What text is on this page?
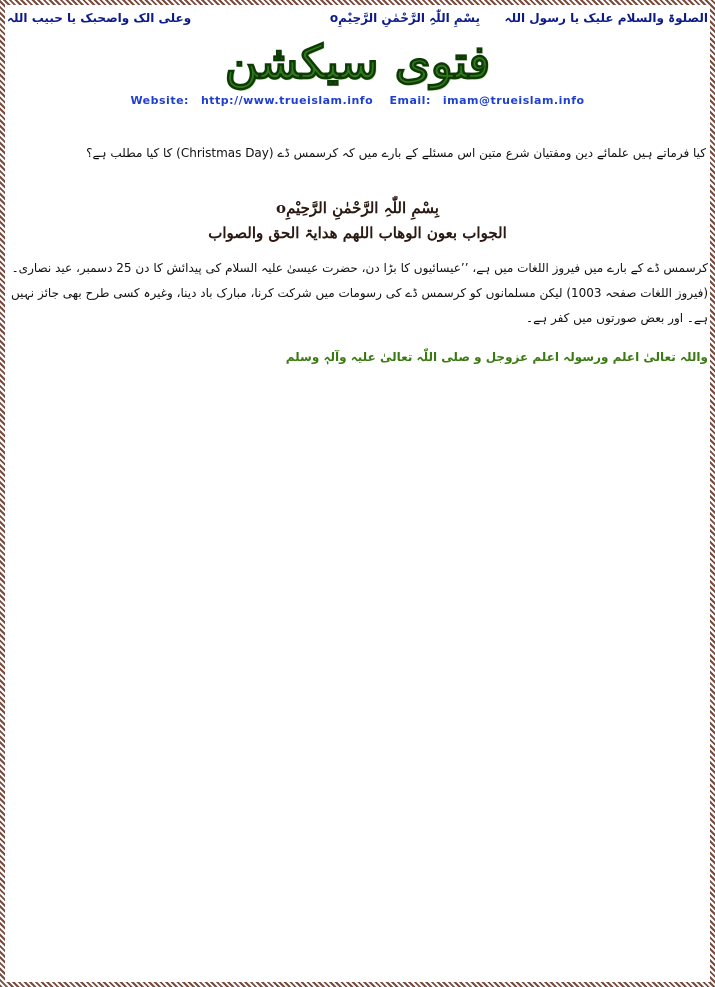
الصلوۃ والسلام علیک یا رسول اللہ
بِسْمِ اللّٰہِ الرَّحْمٰنِ الرَّحِیْمِo
وعلی الک واصحبک یا حبیب اللہ
فتوی سیکشن
Website: http://www.trueislam.info Email: imam@trueislam.info
کیا فرماتے ہیں علمائے دین ومفتیان شرع متین اس مسئلے کے بارے میں کہ کرسمس ڈے (Christmas Day) کا کیا مطلب ہے؟
بِسْمِ اللّٰہِ الرَّحْمٰنِ الرَّحِیْمِo
الجواب بعون الوھاب اللھم ھدایۃ الحق والصواب
کرسمس ڈے کے بارے میں فیروز اللغات میں ہے، ’’عیسائیوں کا بڑا دن، حضرت عیسیٰ علیہ السلام کی پیدائش کا دن 25 دسمبر، عید نصاری۔ (فیروز اللغات صفحہ 1003) لیکن مسلمانوں کو کرسمس ڈے کی رسومات میں شرکت کرنا، مبارک باد دینا، وغیرہ کسی طرح بھی جائز نہیں ہے۔ اور بعض صورتوں میں کفر ہے۔
واللہ تعالیٰ اعلم ورسولہ اعلم عزوجل و صلی اللّٰہ تعالیٰ علیہ وآلہٖ وسلم
